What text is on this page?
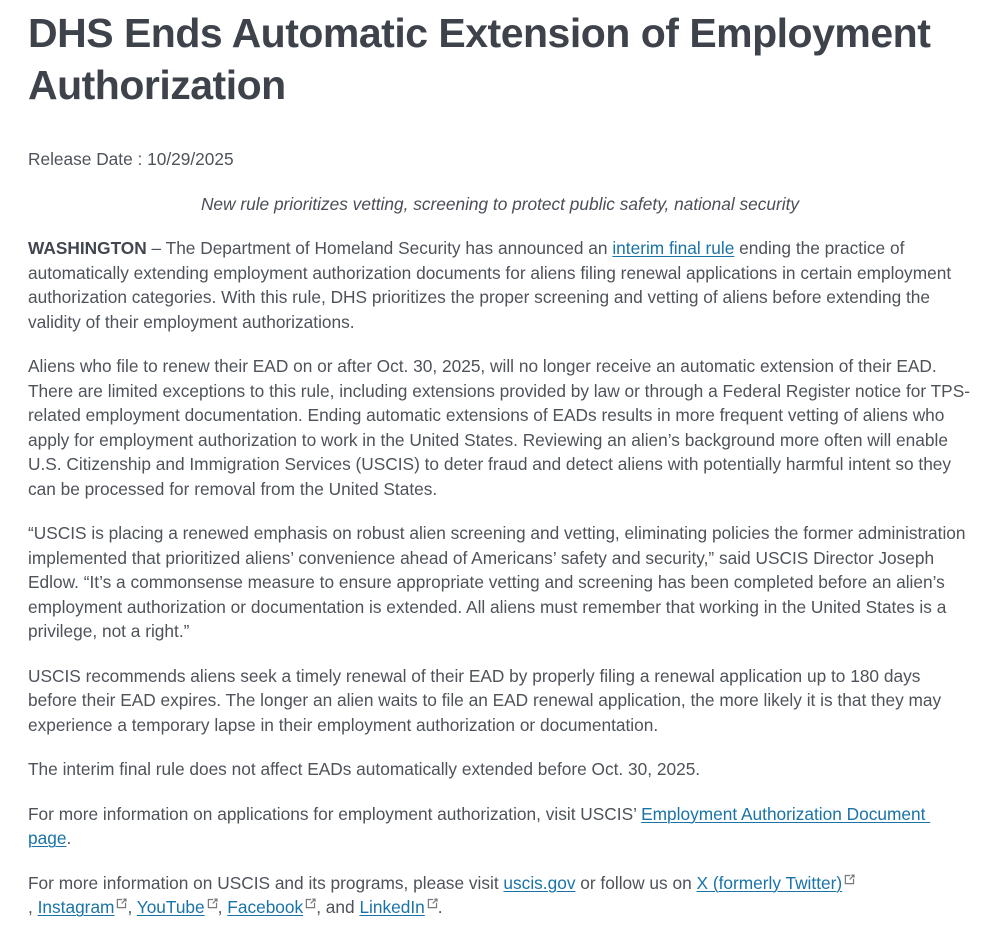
DHS Ends Automatic Extension of Employment Authorization

Release Date : 10/29/2025

New rule prioritizes vetting, screening to protect public safety, national security

WASHINGTON – The Department of Homeland Security has announced an interim final rule ending the practice of automatically extending employment authorization documents for aliens filing renewal applications in certain employment authorization categories. With this rule, DHS prioritizes the proper screening and vetting of aliens before extending the validity of their employment authorizations.

Aliens who file to renew their EAD on or after Oct. 30, 2025, will no longer receive an automatic extension of their EAD. There are limited exceptions to this rule, including extensions provided by law or through a Federal Register notice for TPS-related employment documentation. Ending automatic extensions of EADs results in more frequent vetting of aliens who apply for employment authorization to work in the United States. Reviewing an alien’s background more often will enable U.S. Citizenship and Immigration Services (USCIS) to deter fraud and detect aliens with potentially harmful intent so they can be processed for removal from the United States.

“USCIS is placing a renewed emphasis on robust alien screening and vetting, eliminating policies the former administration implemented that prioritized aliens’ convenience ahead of Americans’ safety and security,” said USCIS Director Joseph Edlow. “It’s a commonsense measure to ensure appropriate vetting and screening has been completed before an alien’s employment authorization or documentation is extended. All aliens must remember that working in the United States is a privilege, not a right.”

USCIS recommends aliens seek a timely renewal of their EAD by properly filing a renewal application up to 180 days before their EAD expires. The longer an alien waits to file an EAD renewal application, the more likely it is that they may experience a temporary lapse in their employment authorization or documentation.

The interim final rule does not affect EADs automatically extended before Oct. 30, 2025.

For more information on applications for employment authorization, visit USCIS’ Employment Authorization Document page.

For more information on USCIS and its programs, please visit uscis.gov or follow us on X (formerly Twitter)

, Instagram , YouTube , Facebook , and LinkedIn .
